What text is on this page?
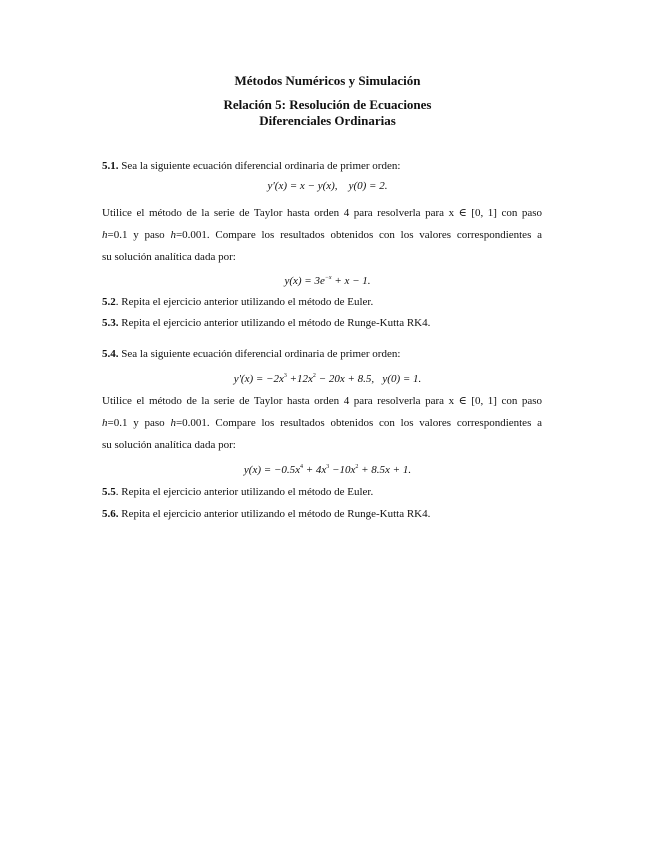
Métodos Numéricos y Simulación
Relación 5: Resolución de Ecuaciones
Diferenciales Ordinarias
5.1. Sea la siguiente ecuación diferencial ordinaria de primer orden:
y'(x) = x − y(x), y(0) = 2.
Utilice el método de la serie de Taylor hasta orden 4 para resolverla para x ∈ [0, 1] con paso
h=0.1 y paso h=0.001. Compare los resultados obtenidos con los valores correspondientes a
su solución analítica dada por:
$y(x) = 3e^{-x} + x - 1$.
5.2. Repita el ejercicio anterior utilizando el método de Euler.
5.3. Repita el ejercicio anterior utilizando el método de Runge-Kutta RK4.
5.4. Sea la siguiente ecuación diferencial ordinaria de primer orden:
$y'(x) = -2x^3 +12x^2 - 20x + 8.5$, y(0) = 1.
Utilice el método de la serie de Taylor hasta orden 4 para resolverla para x ∈ [0, 1] con paso
h=0.1 y paso h=0.001. Compare los resultados obtenidos con los valores correspondientes a
su solución analítica dada por:
$y(x) = -0.5x^4 + 4x^3 -10x^2 + 8.5x + 1$.
5.5. Repita el ejercicio anterior utilizando el método de Euler.
5.6. Repita el ejercicio anterior utilizando el método de Runge-Kutta RK4.
